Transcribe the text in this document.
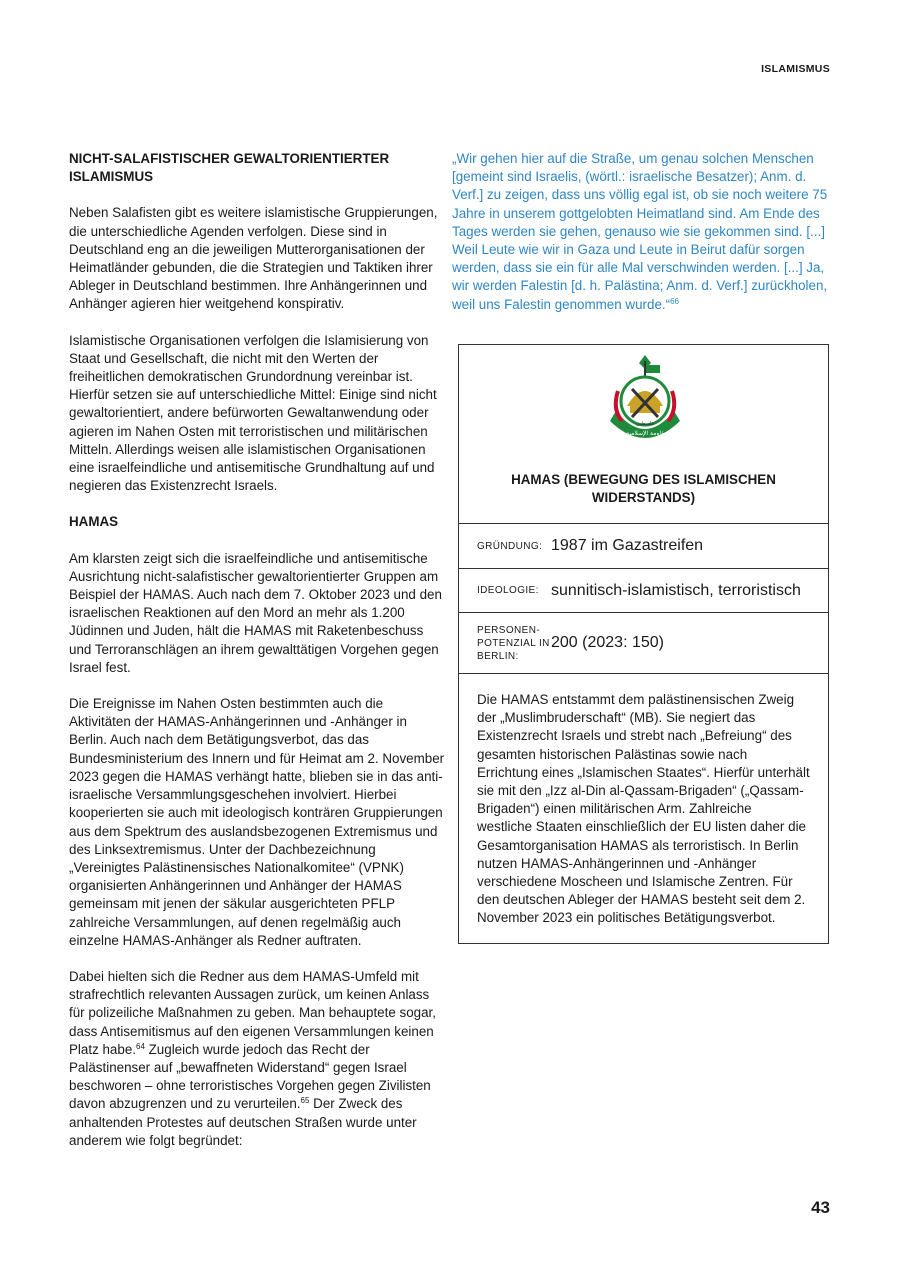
ISLAMISMUS
NICHT-SALAFISTISCHER GEWALTORIENTIERTER ISLAMISMUS

Neben Salafisten gibt es weitere islamistische Gruppierungen, die unterschiedliche Agenden verfolgen. Diese sind in Deutschland eng an die jeweiligen Mutterorganisationen der Heimatländer gebunden, die die Strategien und Taktiken ihrer Ableger in Deutschland bestimmen. Ihre Anhängerinnen und Anhänger agieren hier weitgehend konspirativ.

Islamistische Organisationen verfolgen die Islamisierung von Staat und Gesellschaft, die nicht mit den Werten der freiheitlichen demokratischen Grundordnung vereinbar ist. Hierfür setzen sie auf unterschiedliche Mittel: Einige sind nicht gewaltorientiert, andere befürworten Gewaltanwendung oder agieren im Nahen Osten mit terroristischen und militärischen Mitteln. Allerdings weisen alle islamistischen Organisationen eine israelfeindliche und antisemitische Grundhaltung auf und negieren das Existenzrecht Israels.

HAMAS

Am klarsten zeigt sich die israelfeindliche und antisemitische Ausrichtung nicht-salafistischer gewaltorientierter Gruppen am Beispiel der HAMAS. Auch nach dem 7. Oktober 2023 und den israelischen Reaktionen auf den Mord an mehr als 1.200 Jüdinnen und Juden, hält die HAMAS mit Raketenbeschuss und Terroranschlägen an ihrem gewalttätigen Vorgehen gegen Israel fest.

Die Ereignisse im Nahen Osten bestimmten auch die Aktivitäten der HAMAS-Anhängerinnen und -Anhänger in Berlin. Auch nach dem Betätigungsverbot, das das Bundesministerium des Innern und für Heimat am 2. November 2023 gegen die HAMAS verhängt hatte, blieben sie in das anti-israelische Versammlungsgeschehen involviert. Hierbei kooperierten sie auch mit ideologisch konträren Gruppierungen aus dem Spektrum des auslandsbezogenen Extremismus und des Linksextremismus. Unter der Dachbezeichnung „Vereinigtes Palästinensisches Nationalkomitee“ (VPNK) organisierten Anhängerinnen und Anhänger der HAMAS gemeinsam mit jenen der säkular ausgerichteten PFLP zahlreiche Versammlungen, auf denen regelmäßig auch einzelne HAMAS-Anhänger als Redner auftraten.

Dabei hielten sich die Redner aus dem HAMAS-Umfeld mit strafrechtlich relevanten Aussagen zurück, um keinen Anlass für polizeiliche Maßnahmen zu geben. Man behauptete sogar, dass Antisemitismus auf den eigenen Versammlungen keinen Platz habe.$^{64}$ Zugleich wurde jedoch das Recht der Palästinenser auf „bewaffneten Widerstand“ gegen Israel beschworen – ohne terroristisches Vorgehen gegen Zivilisten davon abzugrenzen und zu verurteilen.$^{65}$ Der Zweck des anhaltenden Protestes auf deutschen Straßen wurde unter anderem wie folgt begründet:

„Wir gehen hier auf die Straße, um genau solchen Menschen [gemeint sind Israelis, (wörtl.: israelische Besatzer); Anm. d. Verf.] zu zeigen, dass uns völlig egal ist, ob sie noch weitere 75 Jahre in unserem gottgelobten Heimatland sind. Am Ende des Tages werden sie gehen, genauso wie sie gekommen sind. [...] Weil Leute wie wir in Gaza und Leute in Beirut dafür sorgen werden, dass sie ein für alle Mal verschwinden werden. [...] Ja, wir werden Falestin [d. h. Palästina; Anm. d. Verf.] zurückholen, weil uns Falestin genommen wurde.“$^{66}$
حركة المقاومة الإسلامية - حماس
فلسطين
HAMAS (BEWEGUNG DES ISLAMISCHEN WIDERSTANDS)
GRÜNDUNG: 1987 im Gazastreifen
IDEOLOGIE: sunnitisch-islamistisch, terroristisch
PERSONEN-POTENZIAL IN BERLIN:
200 (2023: 150)
Die HAMAS entstammt dem palästinensischen Zweig der „Muslimbruderschaft“ (MB). Sie negiert das Existenzrecht Israels und strebt nach „Befreiung“ des gesamten historischen Palästinas sowie nach Errichtung eines „Islamischen Staates“. Hierfür unterhält sie mit den „Izz al-Din al-Qassam-Brigaden“ („Qassam-Brigaden“) einen militärischen Arm. Zahlreiche westliche Staaten einschließlich der EU listen daher die Gesamtorganisation HAMAS als terroristisch. In Berlin nutzen HAMAS-Anhängerinnen und -Anhänger verschiedene Moscheen und Islamische Zentren. Für den deutschen Ableger der HAMAS besteht seit dem 2. November 2023 ein politisches Betätigungsverbot.
43
